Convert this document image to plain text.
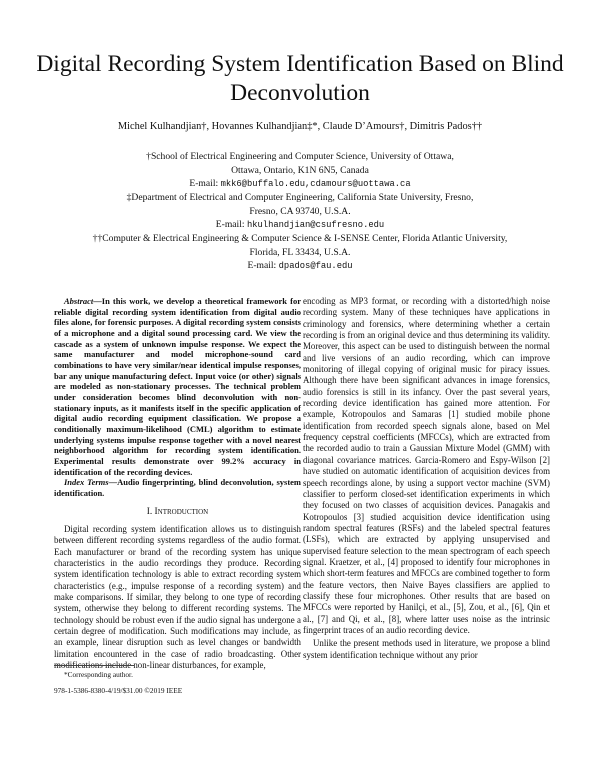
Digital Recording System Identification Based on Blind Deconvolution
Michel Kulhandjian†, Hovannes Kulhandjian‡*, Claude D’Amours†, Dimitris Pados††
†School of Electrical Engineering and Computer Science, University of Ottawa,
Ottawa, Ontario, K1N 6N5, Canada
E-mail: mkk6@buffalo.edu,cdamours@uottawa.ca
‡Department of Electrical and Computer Engineering, California State University, Fresno,
Fresno, CA 93740, U.S.A.
E-mail: hkulhandjian@csufresno.edu
††Computer & Electrical Engineering & Computer Science & I-SENSE Center, Florida Atlantic University,
Florida, FL 33434, U.S.A.
E-mail: dpados@fau.edu

Abstract—In this work, we develop a theoretical framework for reliable digital recording system identification from digital audio files alone, for forensic purposes. A digital recording system consists of a microphone and a digital sound processing card. We view the cascade as a system of unknown impulse response. We expect the same manufacturer and model microphone-sound card combinations to have very similar/near identical impulse responses, bar any unique manufacturing defect. Input voice (or other) signals are modeled as non-stationary processes. The technical problem under consideration becomes blind deconvolution with non-stationary inputs, as it manifests itself in the specific application of digital audio recording equipment classification. We propose a conditionally maximum-likelihood (CML) algorithm to estimate underlying systems impulse response together with a novel nearest neighborhood algorithm for recording system identification. Experimental results demonstrate over 99.2% accuracy in identification of the recording devices.

Index Terms—Audio fingerprinting, blind deconvolution, system identification.

I. Introduction

Digital recording system identification allows us to distinguish between different recording systems regardless of the audio format. Each manufacturer or brand of the recording system has unique characteristics in the audio recordings they produce. Recording system identification technology is able to extract recording system characteristics (e.g., impulse response of a recording system) and make comparisons. If similar, they belong to one type of recording system, otherwise they belong to different recording systems. The technology should be robust even if the audio signal has undergone a certain degree of modification. Such modifications may include, as an example, linear disruption such as level changes or bandwidth limitation encountered in the case of radio broadcasting. Other modifications include non-linear disturbances, for example,

*Corresponding author.
978-1-5386-8380-4/19/$31.00 ©2019 IEEE

encoding as MP3 format, or recording with a distorted/high noise recording system. Many of these techniques have applications in criminology and forensics, where determining whether a certain recording is from an original device and thus determining its validity. Moreover, this aspect can be used to distinguish between the normal and live versions of an audio recording, which can improve monitoring of illegal copying of original music for piracy issues. Although there have been significant advances in image forensics, audio forensics is still in its infancy. Over the past several years, recording device identification has gained more attention. For example, Kotropoulos and Samaras [1] studied mobile phone identification from recorded speech signals alone, based on Mel frequency cepstral coefficients (MFCCs), which are extracted from the recorded audio to train a Gaussian Mixture Model (GMM) with diagonal covariance matrices. Garcia-Romero and Espy-Wilson [2] have studied on automatic identification of acquisition devices from speech recordings alone, by using a support vector machine (SVM) classifier to perform closed-set identification experiments in which they focused on two classes of acquisition devices. Panagakis and Kotropoulos [3] studied acquisition device identification using random spectral features (RSFs) and the labeled spectral features (LSFs), which are extracted by applying unsupervised and supervised feature selection to the mean spectrogram of each speech signal. Kraetzer, et al., [4] proposed to identify four microphones in which short-term features and MFCCs are combined together to form the feature vectors, then Naive Bayes classifiers are applied to classify these four microphones. Other results that are based on MFCCs were reported by Hanilçi, et al., [5], Zou, et al., [6], Qin et al., [7] and Qi, et al., [8], where latter uses noise as the intrinsic fingerprint traces of an audio recording device.

Unlike the present methods used in literature, we propose a blind system identification technique without any prior
